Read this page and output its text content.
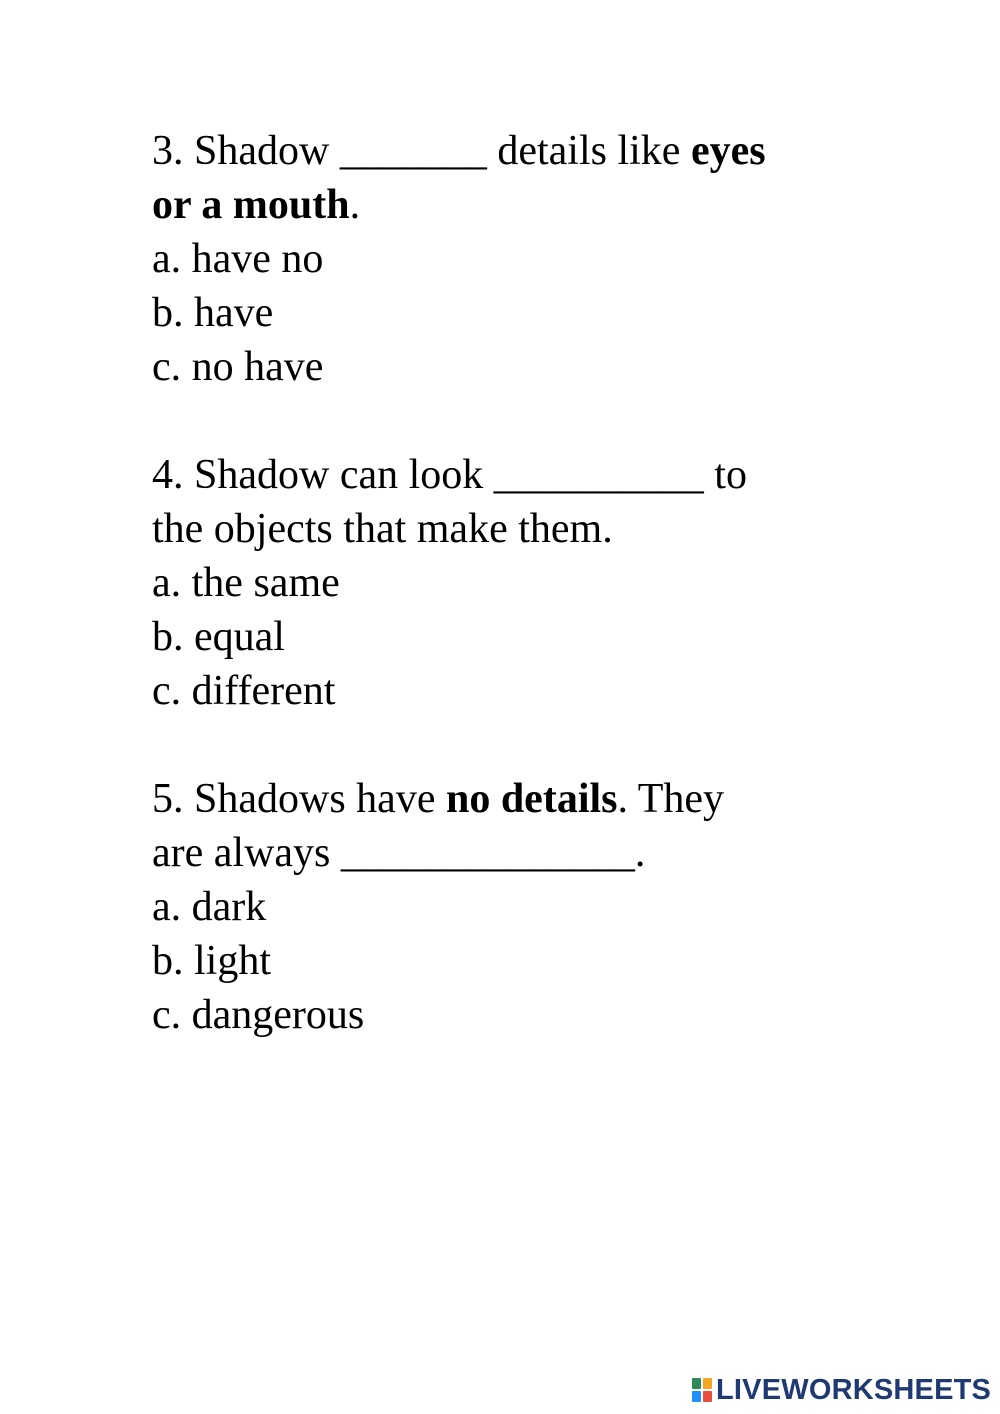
3. Shadow _______ details like eyes
or a mouth.
a. have no
b. have
c. no have
4. Shadow can look __________ to
the objects that make them.
a. the same
b. equal
c. different
5. Shadows have no details. They
are always ______________.
a. dark
b. light
c. dangerous
LIVEWORKSHEETS
